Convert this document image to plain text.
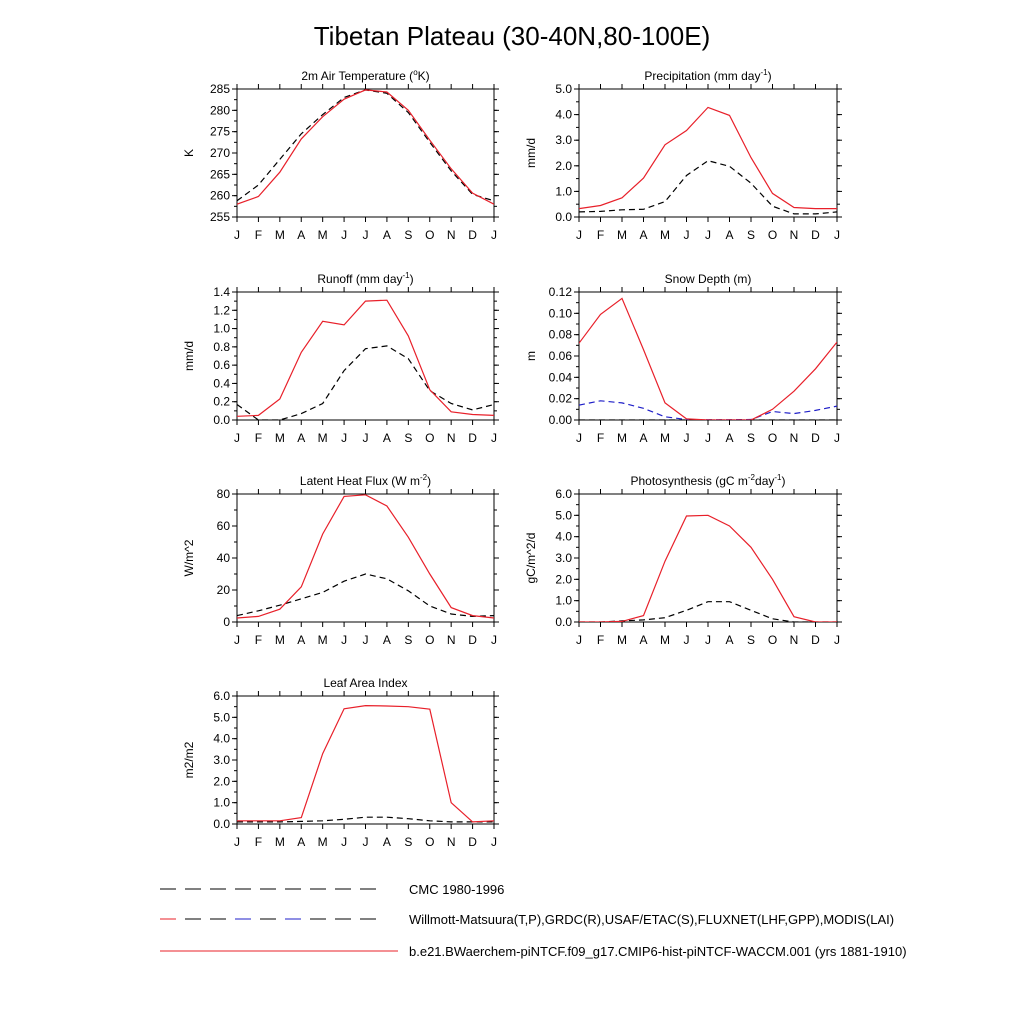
Tibetan Plateau (30-40N,80-100E)
2m Air Temperature ($^o$K)
K
255
260
265
270
275
280
285
J F M A M J J A S O N D J
Precipitation (mm day$^{-1}$)
mm/d
0.0
1.0
2.0
3.0
4.0
5.0
J F M A M J J A S O N D J
Runoff (mm day$^{-1}$)
mm/d
0.0
0.2
0.4
0.6
0.8
1.0
1.2
1.4
J F M A M J J A S O N D J
Snow Depth (m)
m
0.00
0.02
0.04
0.06
0.08
0.10
0.12
J F M A M J J A S O N D J
Latent Heat Flux (W $m^{-2}$)
W/m^2
0
20
40
60
80
J F M A M J J A S O N D J
Photosynthesis (gC $m^{-2}day^{-1}$)
gC/m^2/d
0.0
1.0
2.0
3.0
4.0
5.0
6.0
J F M A M J J A S O N D J
Leaf Area Index
m2/m2
0.0
1.0
2.0
3.0
4.0
5.0
6.0
J F M A M J J A S O N D J
CMC 1980-1996
Willmott-Matsuura(T,P),GRDC(R),USAF/ETAC(S),FLUXNET(LHF,GPP),MODIS(LAI)
b.e21.BWaerchem-piNTCF.f09_g17.CMIP6-hist-piNTCF-WACCM.001 (yrs 1881-1910)
